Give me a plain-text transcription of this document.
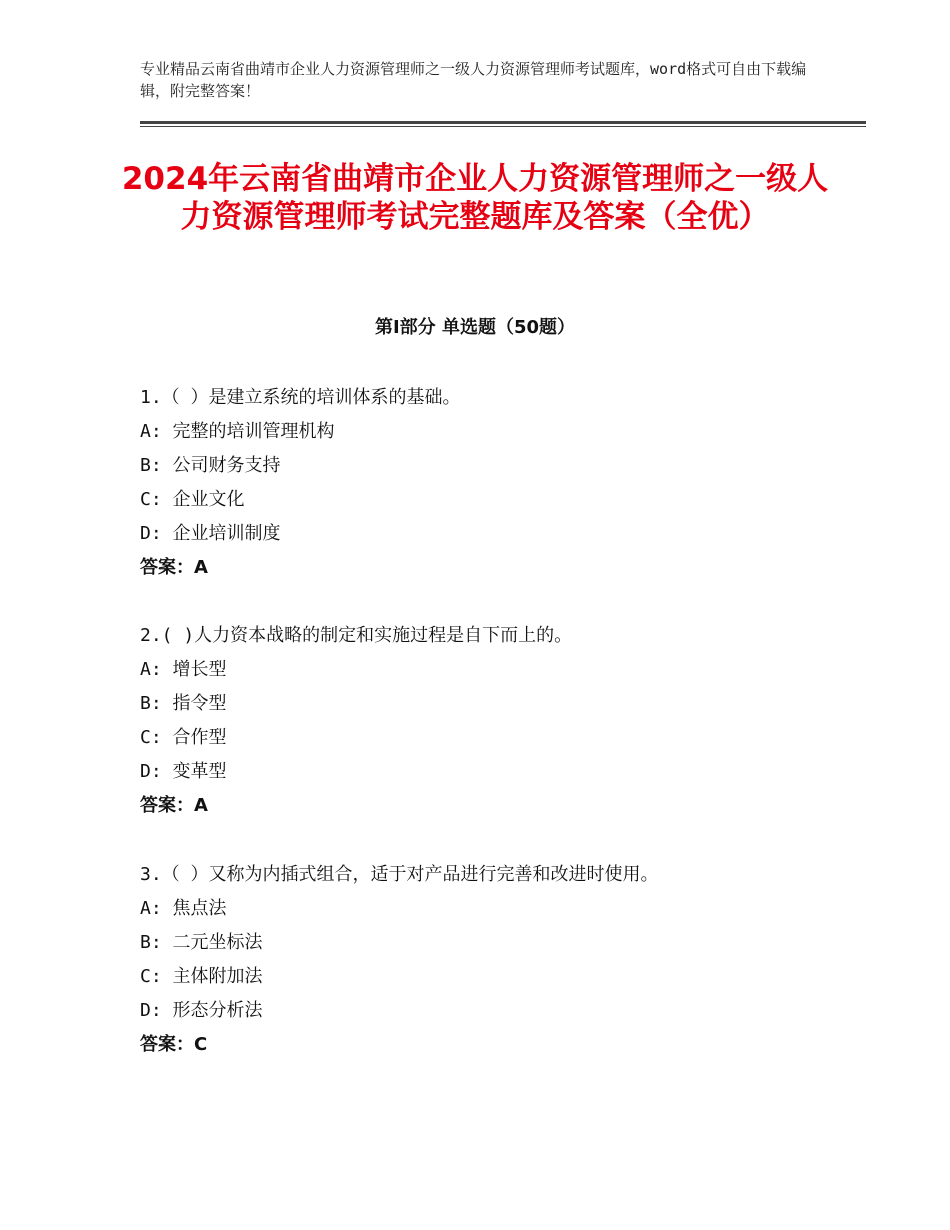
专业精品云南省曲靖市企业人力资源管理师之一级人力资源管理师考试题库，word格式可自由下载编辑，附完整答案！
2024年云南省曲靖市企业人力资源管理师之一级人力资源管理师考试完整题库及答案（全优）
第Ⅰ部分 单选题（50题）
1.（ ）是建立系统的培训体系的基础。
A: 完整的培训管理机构
B: 公司财务支持
C: 企业文化
D: 企业培训制度
答案：A
2.( )人力资本战略的制定和实施过程是自下而上的。
A: 增长型
B: 指令型
C: 合作型
D: 变革型
答案：A
3.（ ）又称为内插式组合，适于对产品进行完善和改进时使用。
A: 焦点法
B: 二元坐标法
C: 主体附加法
D: 形态分析法
答案：C
